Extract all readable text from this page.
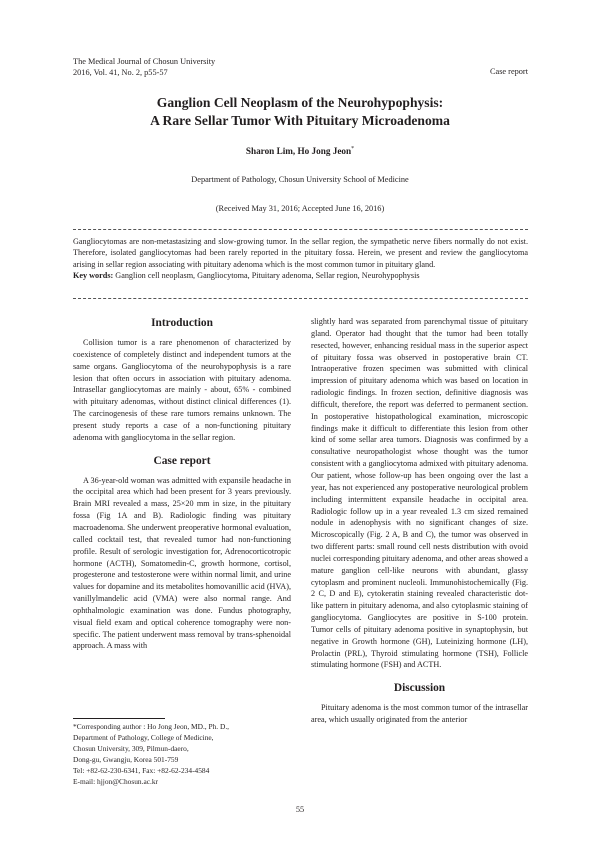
The Medical Journal of Chosun University
2016, Vol. 41, No. 2, p55-57	Case report
Ganglion Cell Neoplasm of the Neurohypophysis:
A Rare Sellar Tumor With Pituitary Microadenoma
Sharon Lim, Ho Jong Jeon*
Department of Pathology, Chosun University School of Medicine
(Received May 31, 2016; Accepted June 16, 2016)

Gangliocytomas are non-metastasizing and slow-growing tumor. In the sellar region, the sympathetic nerve fibers normally do not exist. Therefore, isolated gangliocytomas had been rarely reported in the pituitary fossa. Herein, we present and review the gangliocytoma arising in sellar region associating with pituitary adenoma which is the most common tumor in pituitary gland.

Key words: Ganglion cell neoplasm, Gangliocytoma, Pituitary adenoma, Sellar region, Neurohypophysis

Introduction

Collision tumor is a rare phenomenon of characterized by coexistence of completely distinct and independent tumors at the same organs. Gangliocytoma of the neurohypophysis is a rare lesion that often occurs in association with pituitary adenoma. Intrasellar gangliocytomas are mainly - about, 65% - combined with pituitary adenomas, without distinct clinical differences (1). The carcinogenesis of these rare tumors remains unknown. The present study reports a case of a non-functioning pituitary adenoma with gangliocytoma in the sellar region.

Case report

A 36-year-old woman was admitted with expansile headache in the occipital area which had been present for 3 years previously. Brain MRI revealed a mass, 25×20 mm in size, in the pituitary fossa (Fig 1A and B). Radiologic finding was pituitary macroadenoma. She underwent preoperative hormonal evaluation, called cocktail test, that revealed tumor had non-functioning profile. Result of serologic investigation for, Adrenocorticotropic hormone (ACTH), Somatomedin-C, growth hormone, cortisol, progesterone and testosterone were within normal limit, and urine values for dopamine and its metabolites homovanillic acid (HVA), vanillylmandelic acid (VMA) were also normal range. And ophthalmologic examination was done. Fundus photography, visual field exam and optical coherence tomography were non-specific. The patient underwent mass removal by trans-sphenoidal approach. A mass with

slightly hard was separated from parenchymal tissue of pituitary gland. Operator had thought that the tumor had been totally resected, however, enhancing residual mass in the superior aspect of pituitary fossa was observed in postoperative brain CT. Intraoperative frozen specimen was submitted with clinical impression of pituitary adenoma which was based on location in radiologic findings. In frozen section, definitive diagnosis was difficult, therefore, the report was deferred to permanent section. In postoperative histopathological examination, microscopic findings make it difficult to differentiate this lesion from other kind of some sellar area tumors. Diagnosis was confirmed by a consultative neuropathologist whose thought was the tumor consistent with a gangliocytoma admixed with pituitary adenoma. Our patient, whose follow-up has been ongoing over the last a year, has not experienced any postoperative neurological problem including intermittent expansile headache in occipital area. Radiologic follow up in a year revealed 1.3 cm sized remained nodule in adenophysis with no significant changes of size. Microscopically (Fig. 2 A, B and C), the tumor was observed in two different parts: small round cell nests distribution with ovoid nuclei corresponding pituitary adenoma, and other areas showed a mature ganglion cell-like neurons with abundant, glassy cytoplasm and prominent nucleoli. Immunohistochemically (Fig. 2 C, D and E), cytokeratin staining revealed characteristic dot-like pattern in pituitary adenoma, and also cytoplasmic staining of gangliocytoma. Gangliocytes are positive in S-100 protein. Tumor cells of pituitary adenoma positive in synaptophysin, but negative in Growth hormone (GH), Luteinizing hormone (LH), Prolactin (PRL), Thyroid stimulating hormone (TSH), Follicle stimulating hormone (FSH) and ACTH.

Discussion

Pituitary adenoma is the most common tumor of the intrasellar area, which usually originated from the anterior

*Corresponding author : Ho Jong Jeon, MD., Ph. D.,
Department of Pathology, College of Medicine,
Chosun University, 309, Pilmun-daero,
Dong-gu, Gwangju, Korea 501-759
Tel: +82-62-230-6341, Fax: +82-62-234-4584
E-mail: hjjon@Chosun.ac.kr
55
